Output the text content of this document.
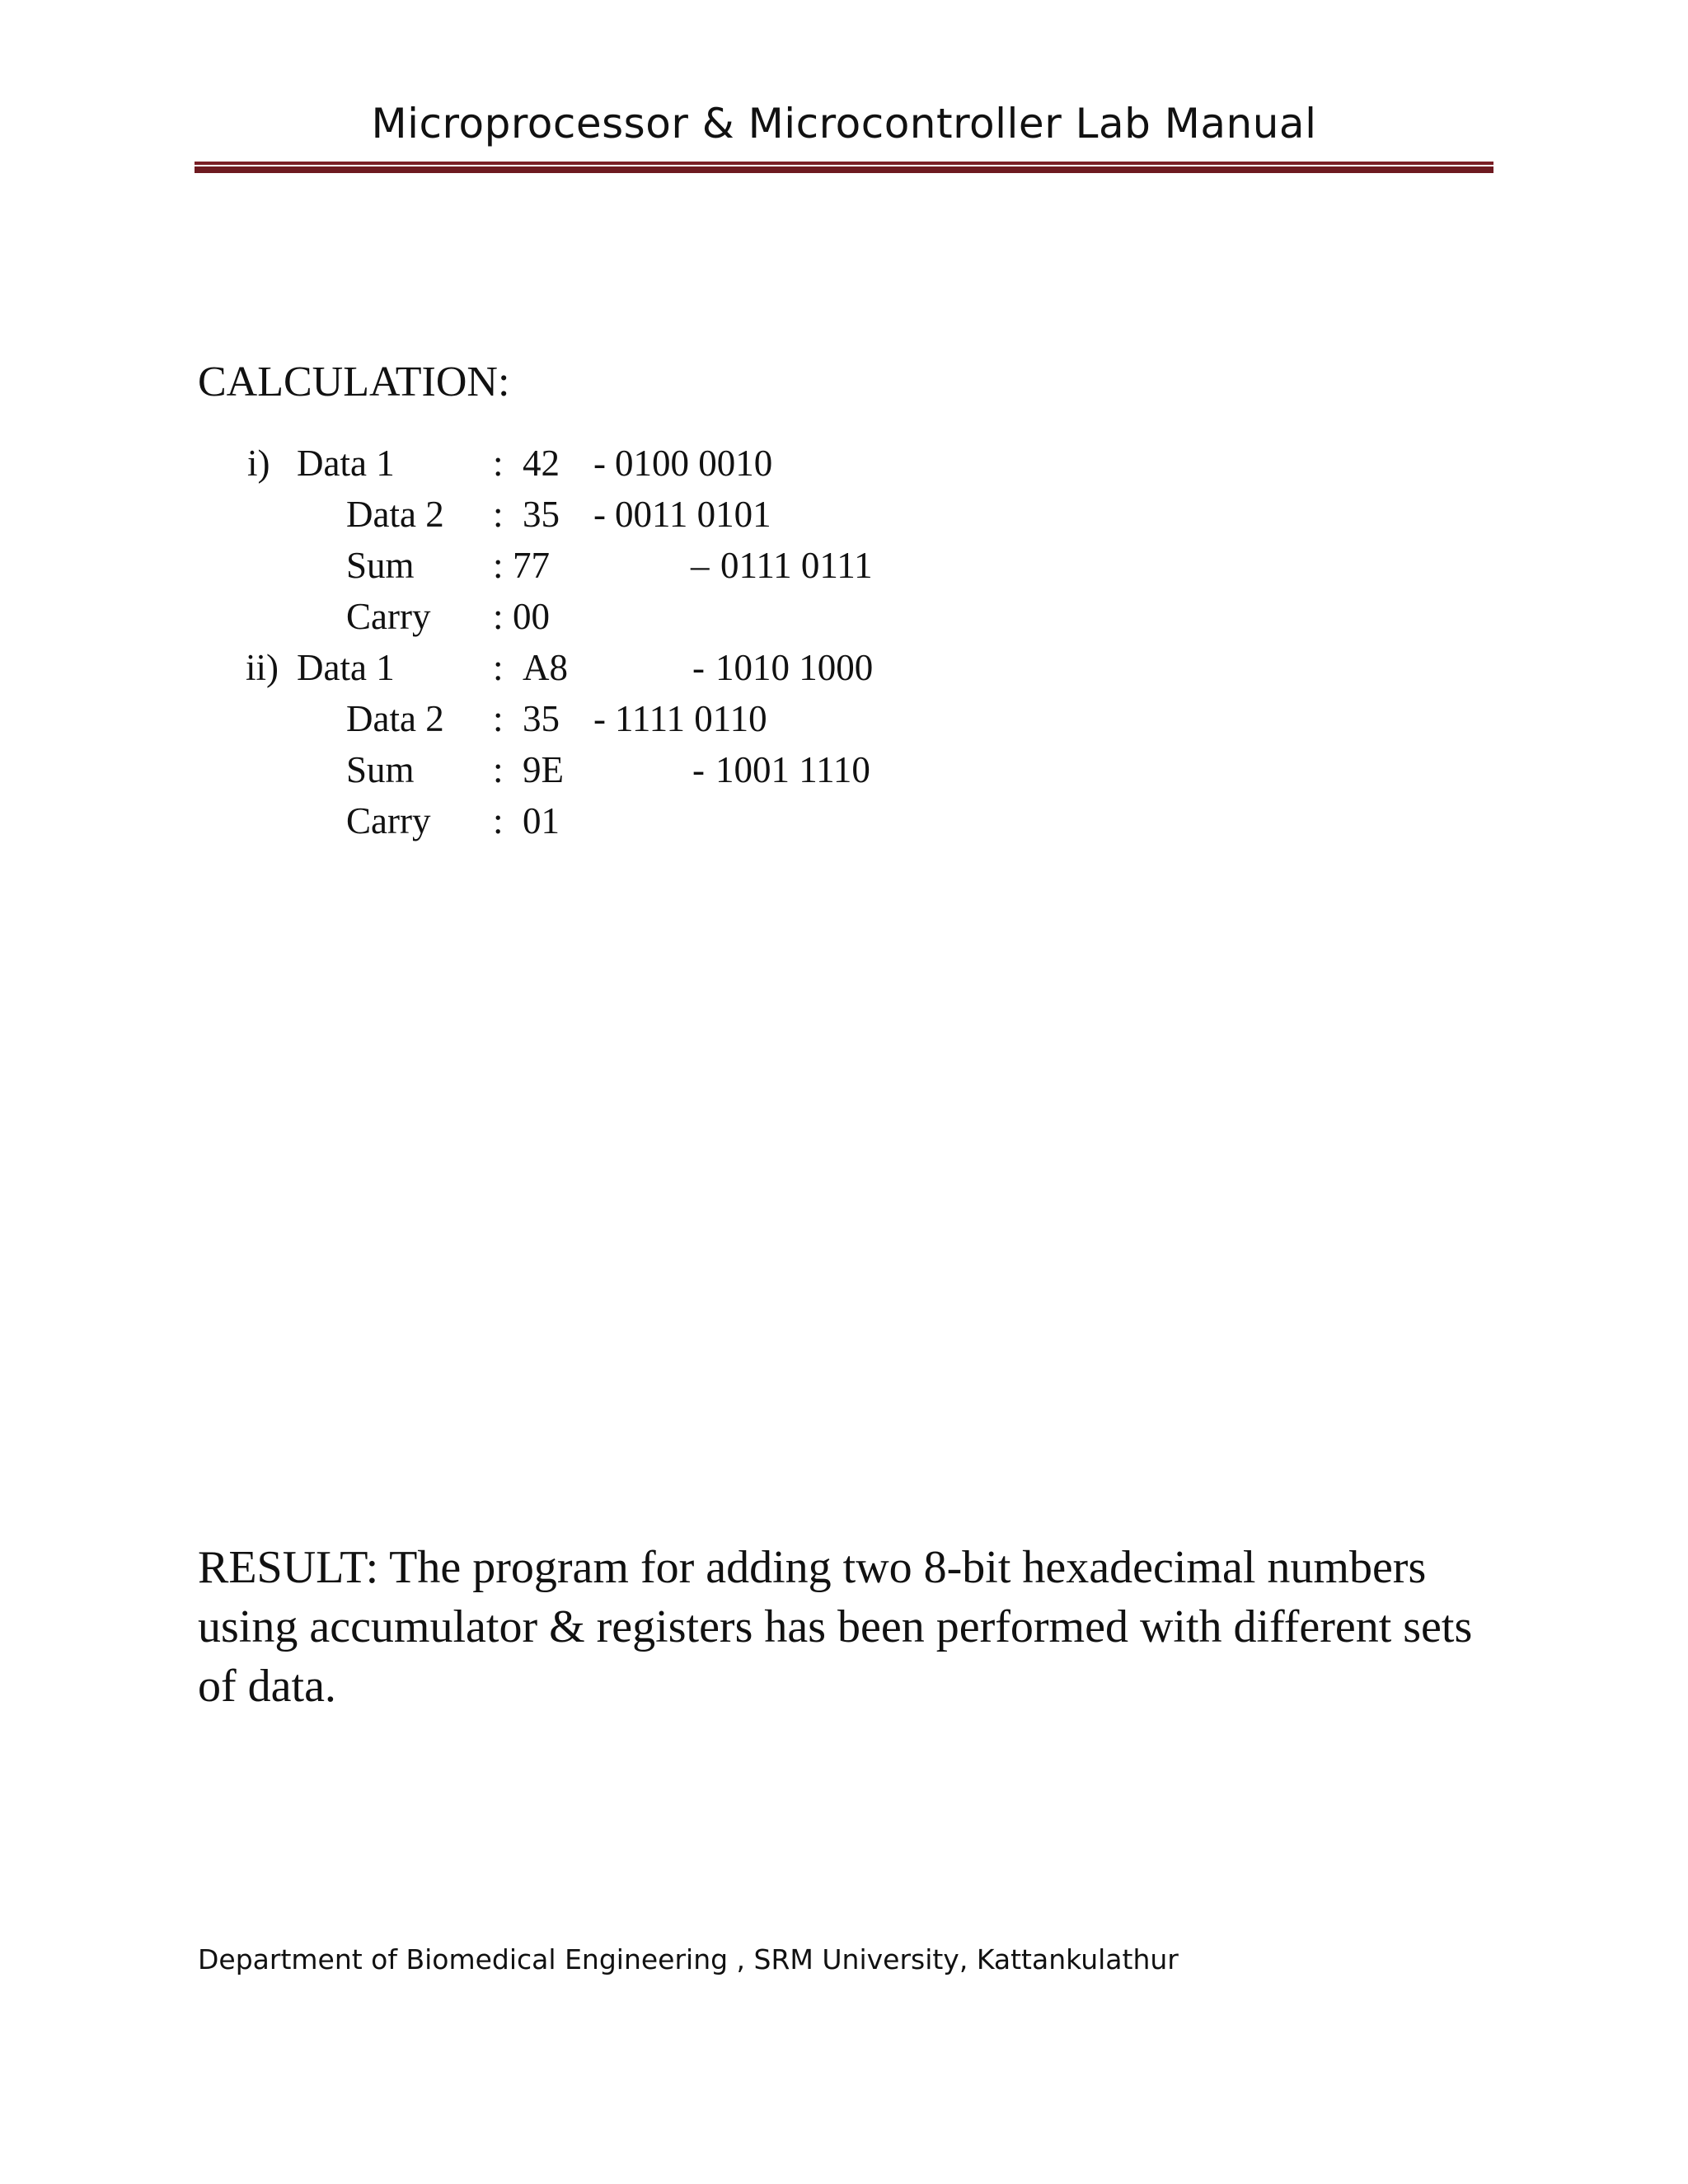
Microprocessor & Microcontroller Lab Manual
CALCULATION:
i) Data 1	: 42 - 0100 0010
Data 2 : 35 - 0011 0101
Sum : 77	– 0111 0111
Carry : 00
ii) Data 1	: A8	- 1010 1000
Data 2 : 35 - 1111 0110
Sum : 9E	- 1001 1110
Carry : 01
RESULT: The program for adding two 8-bit hexadecimal numbers using accumulator & registers has been performed with different sets of data.
Department of Biomedical Engineering , SRM University, Kattankulathur
